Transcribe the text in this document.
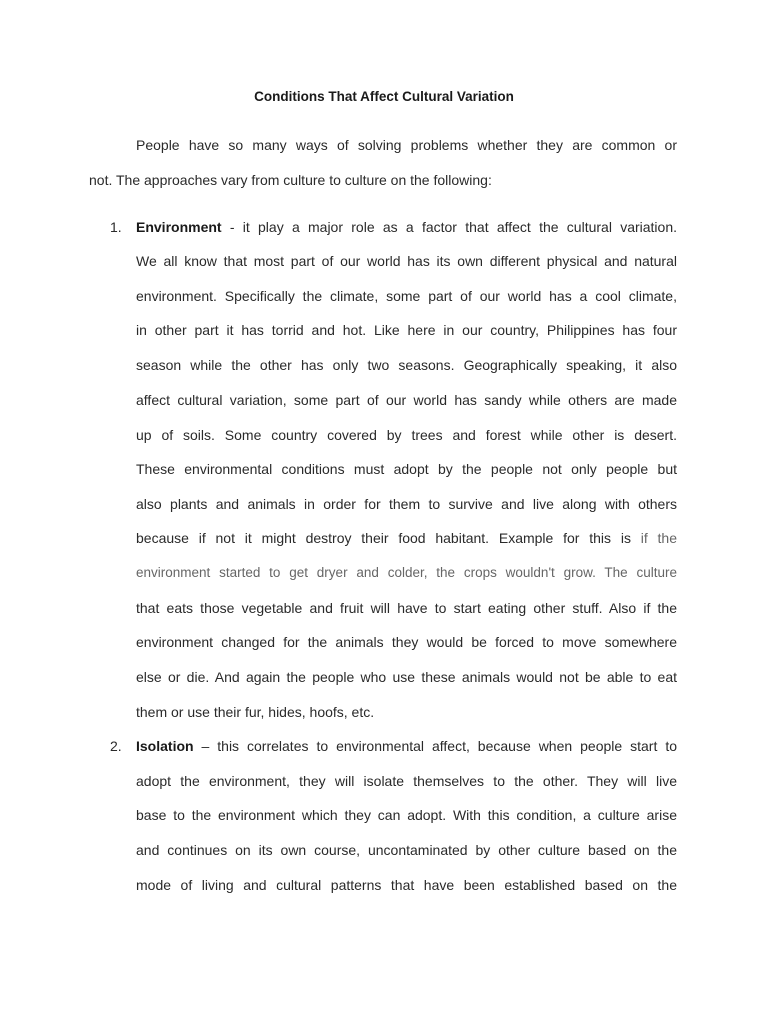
Conditions That Affect Cultural Variation
People have so many ways of solving problems whether they are common or
not. The approaches vary from culture to culture on the following:
1. Environment - it play a major role as a factor that affect the cultural variation.
We all know that most part of our world has its own different physical and natural
environment. Specifically the climate, some part of our world has a cool climate,
in other part it has torrid and hot. Like here in our country, Philippines has four
season while the other has only two seasons. Geographically speaking, it also
affect cultural variation, some part of our world has sandy while others are made
up of soils. Some country covered by trees and forest while other is desert.
These environmental conditions must adopt by the people not only people but
also plants and animals in order for them to survive and live along with others
because if not it might destroy their food habitant. Example for this is if the
environment started to get dryer and colder, the crops wouldn't grow. The culture
that eats those vegetable and fruit will have to start eating other stuff. Also if the
environment changed for the animals they would be forced to move somewhere
else or die. And again the people who use these animals would not be able to eat
them or use their fur, hides, hoofs, etc.
2. Isolation – this correlates to environmental affect, because when people start to
adopt the environment, they will isolate themselves to the other. They will live
base to the environment which they can adopt. With this condition, a culture arise
and continues on its own course, uncontaminated by other culture based on the
mode of living and cultural patterns that have been established based on the
